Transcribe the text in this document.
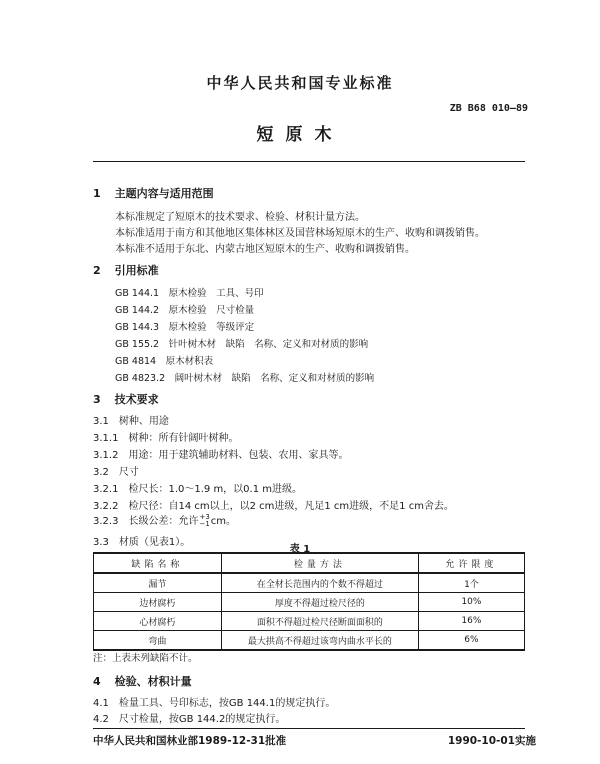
中华人民共和国专业标准
ZB B68 010—89
短原木
1 主题内容与适用范围
本标准规定了短原木的技术要求、检验、材积计量方法。
本标准适用于南方和其他地区集体林区及国营林场短原木的生产、收购和调拨销售。
本标准不适用于东北、内蒙古地区短原木的生产、收购和调拨销售。
2 引用标准
GB 144.1　 原木检验　工具、号印
GB 144.2　 原木检验　尺寸检量
GB 144.3　 原木检验　等级评定
GB 155.2　 针叶树木材　缺陷　名称、定义和对材质的影响
GB 4814　 原木材积表
GB 4823.2　 阔叶树木材　缺陷　名称、定义和对材质的影响
3 技术要求
3.1　 树种、用途
3.1.1　 树种：所有针阔叶树种。
3.1.2　 用途：用于建筑辅助材料、包装、农用、家具等。
3.2　 尺寸
3.2.1　 检尺长：1.0～1.9 m，以0.1 m进级。
3.2.2　 检尺径：自14 cm以上，以2 cm进级，凡足1 cm进级，不足1 cm舍去。
3.2.3　 长级公差：允许+3
−1cm。
3.3　 材质（见表1）。
表 1
缺陷名称	检量方法	允许限度
漏节	在全材长范围内的个数不得超过	1个
边材腐朽	厚度不得超过检尺径的	10%
心材腐朽	面积不得超过检尺径断面面积的	16%
弯曲	最大拱高不得超过该弯内曲水平长的	6%
注：上表未列缺陷不计。
4 检验、材积计量
4.1　 检量工具、号印标志，按GB 144.1的规定执行。
4.2　 尺寸检量，按GB 144.2的规定执行。
中华人民共和国林业部1989-12-31批准	1990-10-01实施
